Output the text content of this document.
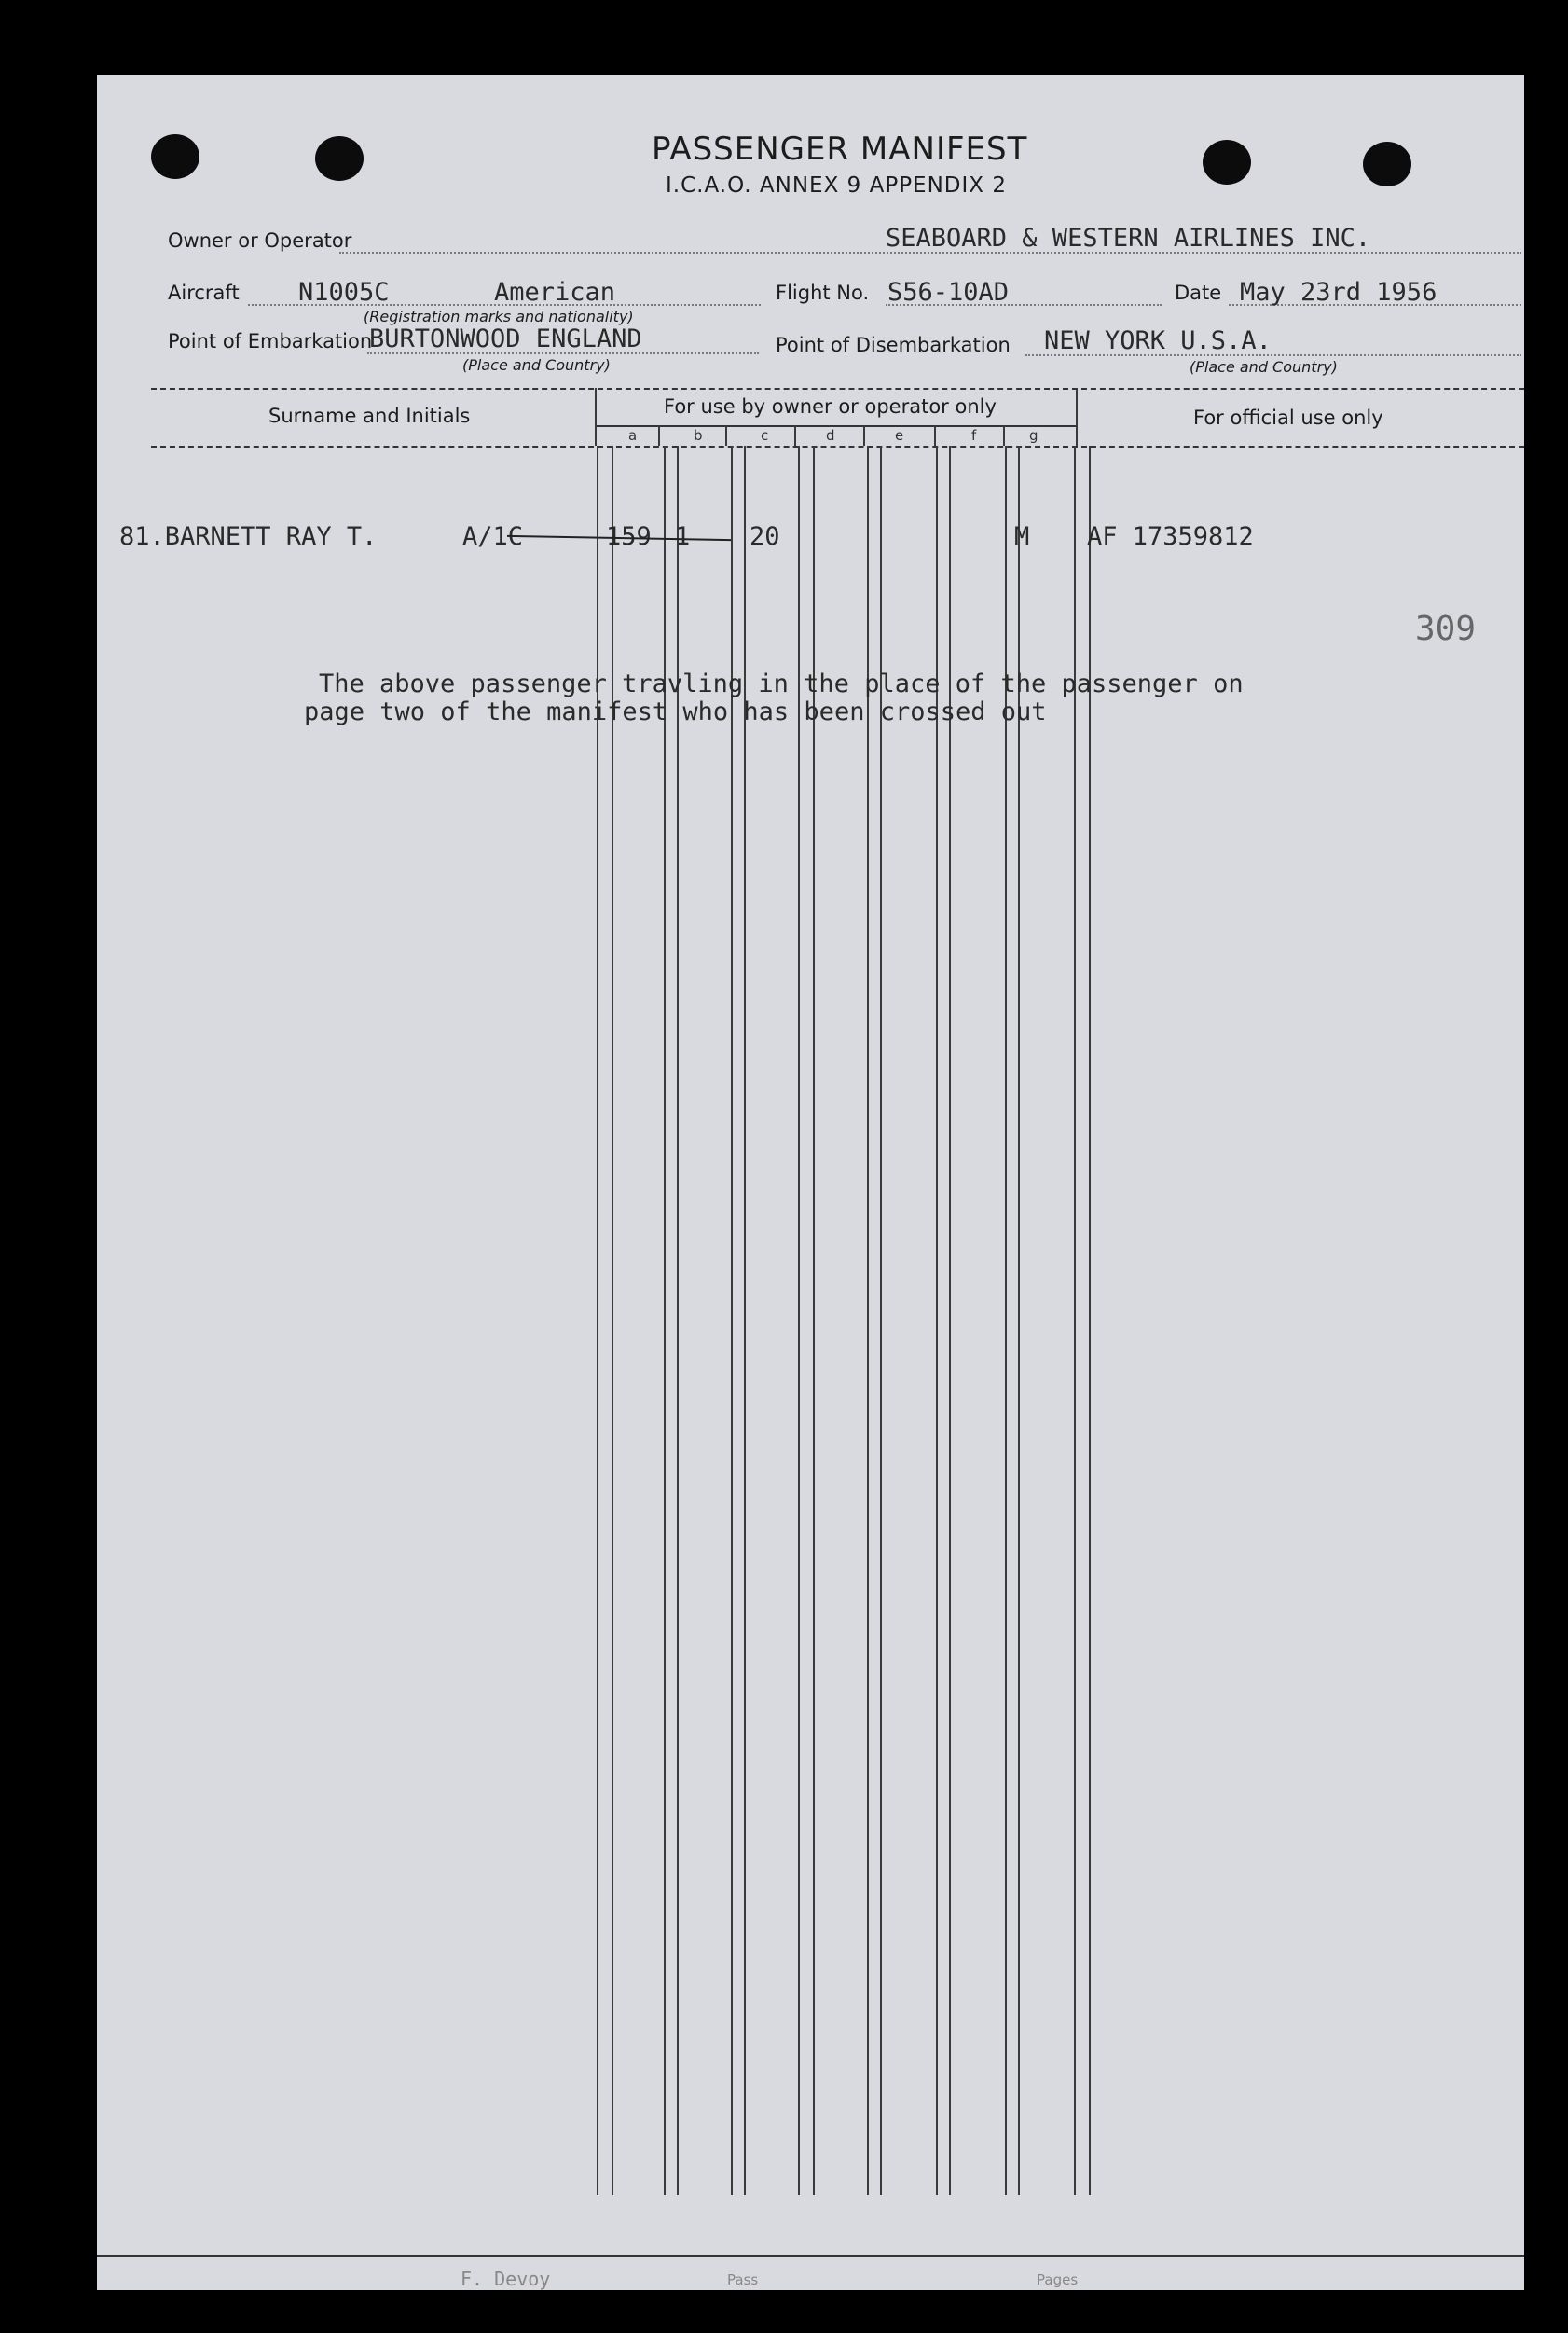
PASSENGER MANIFEST
I.C.A.O. ANNEX 9 APPENDIX 2
Owner or Operator	SEABOARD & WESTERN AIRLINES INC.
Aircraft N1005C	American
(Registration marks and nationality)
Flight No. S56-10AD	Date May 23rd 1956
Point of Embarkation
BURTONWOOD ENGLAND
(Place and Country)
Point of Disembarkation NEW YORK U.S.A.
(Place and Country)
Surname and Initials	For use by owner or operator only	For official use only
a	b	c	d	e	f	g
81.BARNETT RAY T.	A/1C	159 1 20	M AF 17359812
309
The above passenger travling in the place of the passenger on
page two of the manifest who has been crossed out
F. Devoy	Pass	Pages
